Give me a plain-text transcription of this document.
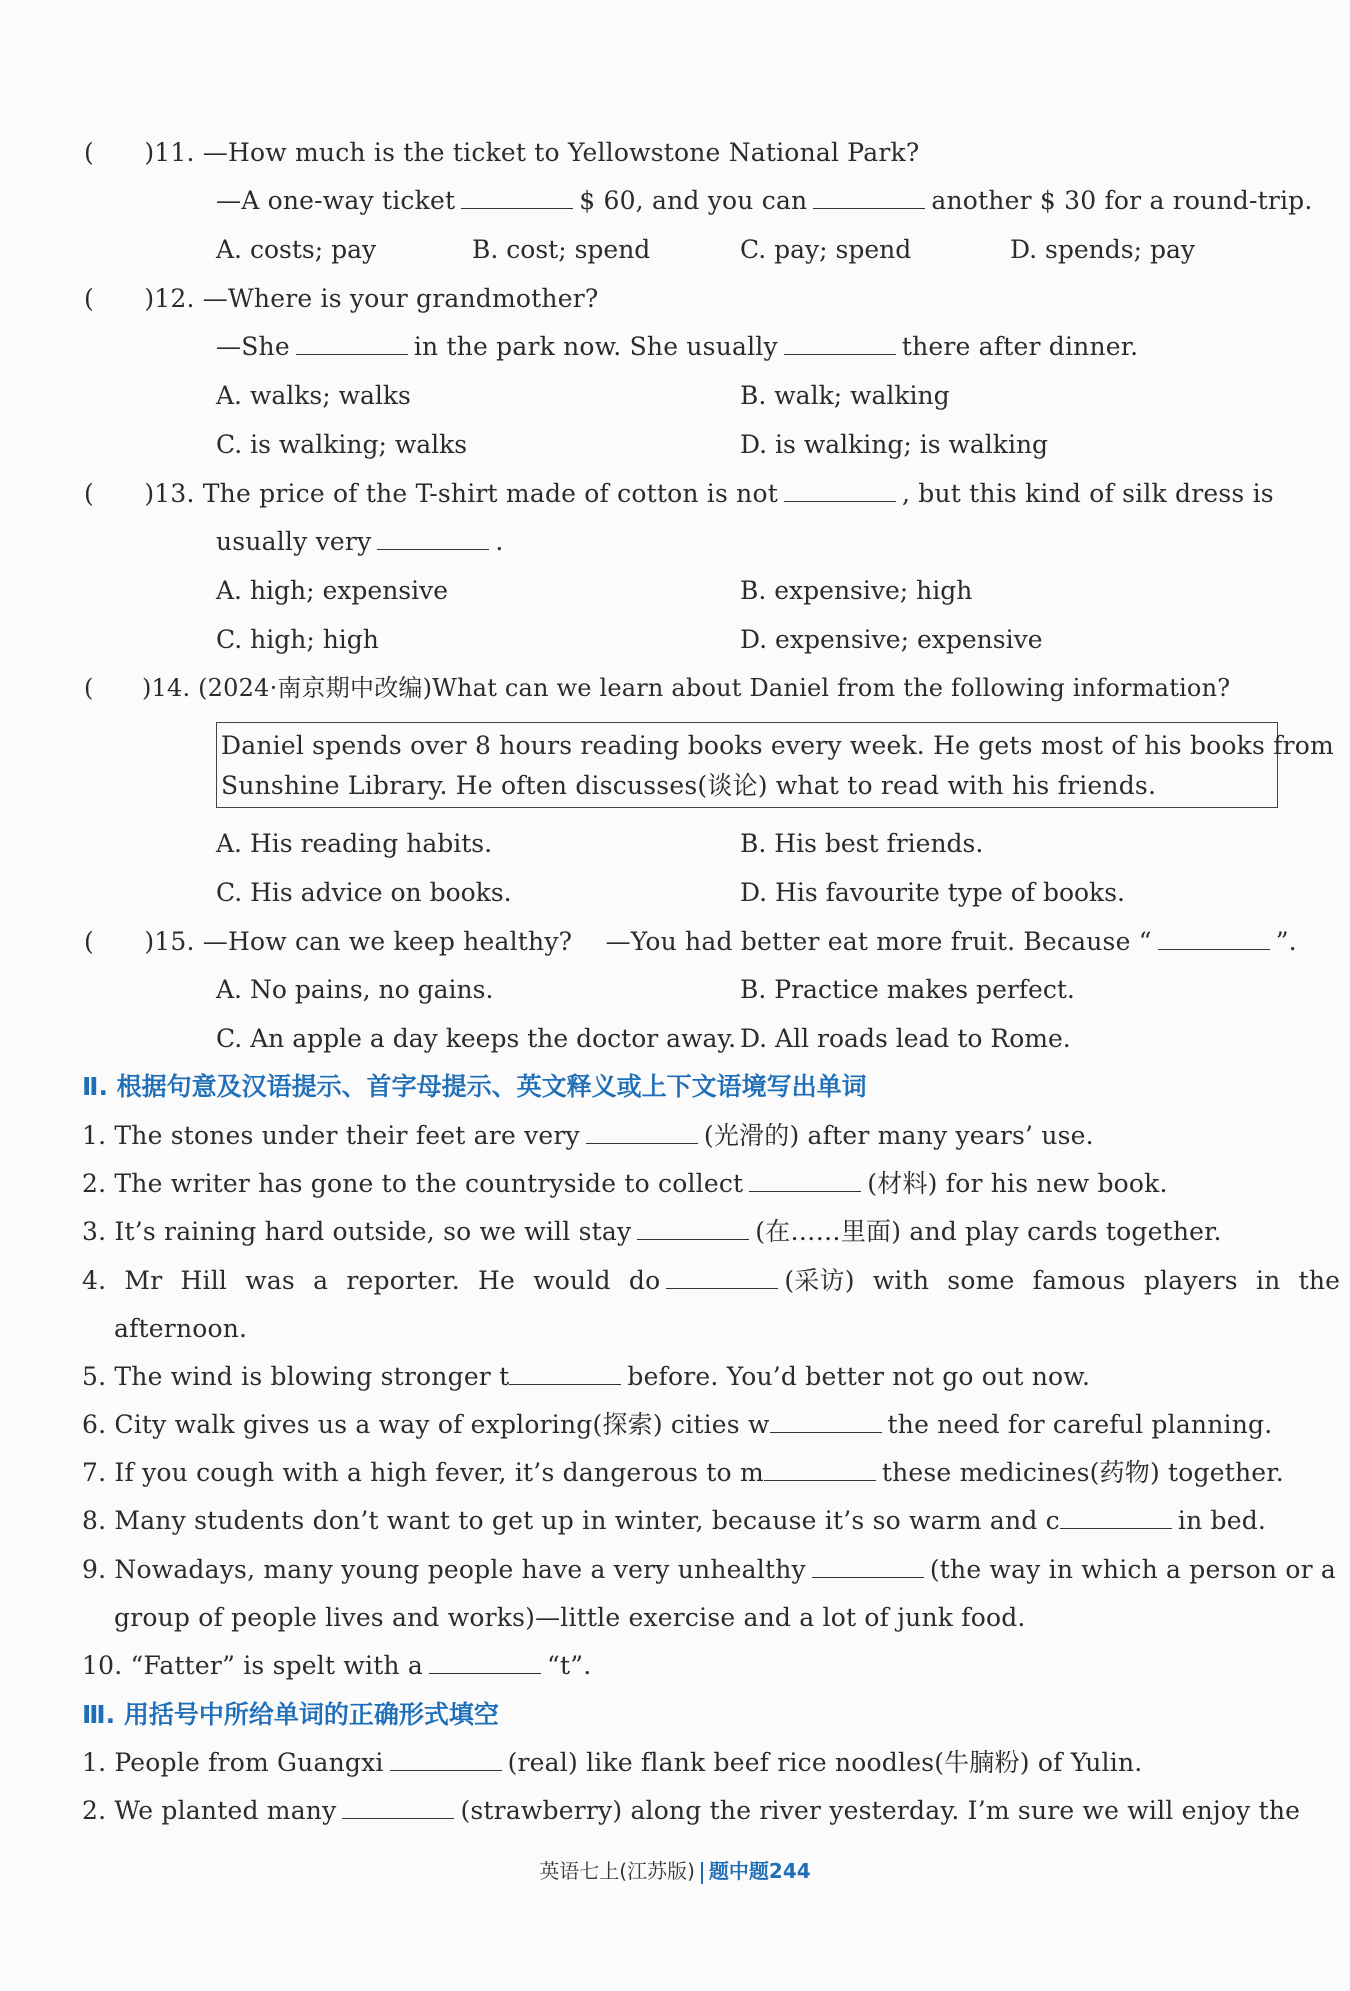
(　　)11. —How much is the ticket to Yellowstone National Park?
—A one-way ticket	$ 60, and you can	another $ 30 for a round-trip.
A. costs; pay	B. cost; spend	C. pay; spend	D. spends; pay
(　　)12. —Where is your grandmother?
—She	in the park now. She usually	there after dinner.
A. walks; walks	B. walk; walking
C. is walking; walks	D. is walking; is walking
(　　)13. The price of the T-shirt made of cotton is not	, but this kind of silk dress is
usually very	.
A. high; expensive	B. expensive; high
C. high; high	D. expensive; expensive
(　　)14. (2024·南京期中改编)What can we learn about Daniel from the following information?
Daniel spends over 8 hours reading books every week. He gets most of his books from
Sunshine Library. He often discusses(谈论) what to read with his friends.
A. His reading habits.	B. His best friends.
C. His advice on books.	D. His favourite type of books.
(　　)15. —How can we keep healthy?　 —You had better eat more fruit. Because “	”.
A. No pains, no gains.	B. Practice makes perfect.
C. An apple a day keeps the doctor away. D. All roads lead to Rome.
Ⅱ. 根据句意及汉语提示、首字母提示、英文释义或上下文语境写出单词
1. The stones under their feet are very	(光滑的) after many years’ use.
2. The writer has gone to the countryside to collect	(材料) for his new book.
3. It’s raining hard outside, so we will stay	(在……里面) and play cards together.
4. Mr Hill was a reporter. He would do	(采访) with some famous players in the
afternoon.
5. The wind is blowing stronger t	before. You’d better not go out now.
6. City walk gives us a way of exploring(探索) cities w	the need for careful planning.
7. If you cough with a high fever, it’s dangerous to m	these medicines(药物) together.
8. Many students don’t want to get up in winter, because it’s so warm and c	in bed.
9. Nowadays, many young people have a very unhealthy	(the way in which a person or a
group of people lives and works)—little exercise and a lot of junk food.
10. “Fatter” is spelt with a	“t”.
Ⅲ. 用括号中所给单词的正确形式填空
1. People from Guangxi	(real) like flank beef rice noodles(牛腩粉) of Yulin.
2. We planted many	(strawberry) along the river yesterday. I’m sure we will enjoy the
英语七上(江苏版) 题中题244
